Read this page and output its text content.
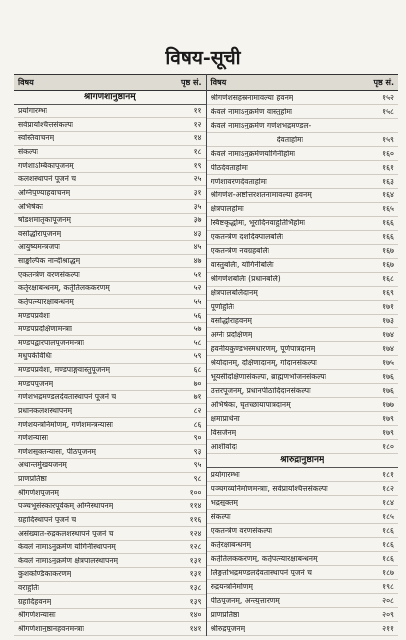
विषय-सूची
विषय	पृष्ठ सं.
श्रीगणेशानुष्ठानम्
प्रयोगारम्भः	११
सर्वप्रायश्चित्तसंकल्पः	१२
स्वस्तिवाचनम्	१४
संकल्पः	१८
गणेशाऽम्बिकापूजनम्	१९
कलशस्थापनं पूजनं च	२५
अग्निपुण्याहवाचनम्	३१
अभिषेकः	३५
षोडशमातृकापूजनम्	३७
वसोर्द्धारापूजनम्	४३
आयुष्यमन्त्रजपः	४५
साङ्कल्पिक नान्दीश्राद्धम्	४७
एकतन्त्रेण वरणसंकल्पः	५१
कर्तृरक्षाबन्धनम्, कर्तृतिलककरणम्	५२
कर्तृपत्न्यारक्षाबन्धनम्	५५
मण्डपप्रवेशः	५६
मण्डपप्रदक्षिणामन्त्राः	५७
मण्डपद्वारपालपूजनमन्त्राः	५८
मधुपर्कविधिः	५९
मण्डपप्रवेशः, मण्डपाङ्गवास्तुपूजनम्	६८
मण्डपपूजनम्	७०
गणेशभद्रमण्डलदेवतास्थापनं पूजनं च	७१
प्रधानकलशस्थापनम्	८२
गणेशयन्त्रनिर्माणम्, गणेशमन्त्रन्यासः	८६
गणेशन्यासः	९०
गणेशसूक्तन्यासः, पीठपूजनम्	९३
अथान्तर्मुखयजनम्	९५
प्राणप्रतिष्ठा	९८
श्रीगणेशपूजनम्	१००
पञ्चभूसंस्कारपूर्वकम् अग्निस्थापनम्	११४
ग्रहादिस्थापनं पूजनं च	११६
असंख्यात-रुद्रकलशस्थापनं पूजनं च	१२४
केवलं नामाऽनुक्रमेण योगिनीस्थापनम्	१२८
केवलं नामाऽनुक्रमेण क्षेत्रपालस्थापनम्	१३१
कुशकण्डिकाकरणम्	१३१
वराहुतिः	१३८
ग्रहादिहवनम्	१३९
श्रीगणेशन्यासः	१४०
श्रीगणेशानुष्ठानहवनमन्त्राः	१४१
विषय	पृष्ठ सं.
श्रीगणेशसहस्रनामावल्या हवनम्	१५२
केवलं नामाऽनुक्रमेण वास्तुहोमः	१५८
केवलं नामाऽनुक्रमेण गणेशभद्रमण्डल-
देवताहोमः	१५९
केवलं नामाऽनुक्रमेणयोगिनीहोमः	१६०
पीठदेवताहोमः	१६१
गणेशावरणदेवताहोमः	१६३
श्रीगणेश-अष्टोत्तरशतनामावल्या हवनम्	१६४
क्षेत्रपालहोमः	१६५
स्विष्टकृद्धोमः, भूरादिनवाहुतिर्भिर्होमः	१६६
एकतन्त्रेण दशदिक्पालबलिः	१६६
एकतन्त्रेण नवग्रहबलिः	१६७
वास्तुबलिः, योगिनीबलिः	१६७
श्रीगणेशबलिः (प्रधानबलि)	१६८
क्षेत्रपालबलिदानम्	१६९
पूर्णाहुतिः	१७१
वसोर्द्धाराहवनम्	१७३
अग्नेः प्रदक्षिणम्	१७४
हवनीयकुण्डभस्मधारणम्, पूर्णपात्रदानम्	१७४
श्रेयोदानम्, दक्षिणादानम्, गोदानसंकल्पः	१७५
भूयसीदक्षिणासंकल्पः, ब्राह्मणभोजनसंकल्पः	१७६
उत्तरपूजनम्, प्रधानपीठादिदानसंकल्पः	१७६
अभिषेकः, घृतच्छायापात्रदानम्	१७७
क्षमाप्रार्थना	१७९
विसर्जनम्	१७९
आशीर्वादः	१८०
श्रीरुद्रानुष्ठानम्
प्रयोगारम्भः	१८१
पञ्चगव्यनिर्माणमन्त्राः, सर्वप्रायश्चित्तसंकल्पः	१८२
भद्रसूक्तम्	१८४
संकल्पः	१८५
एकतन्त्रेण वरणसंकल्पः	१८६
कर्तृरक्षाबन्धनम्	१८६
कर्तृतिलककरणम्, कर्तृपत्न्यारक्षाबन्धनम्	१८६
लिङ्गतोभद्रमण्डलदेवतास्थापनं पूजनं च	१८७
रुद्रयन्त्रनिर्माणम्	१९८
पीठपूजनम्, अन्त्युत्तारणम्	२०८
प्राणप्रतिष्ठा	२०९
श्रीरुद्रपूजनम्	२११
